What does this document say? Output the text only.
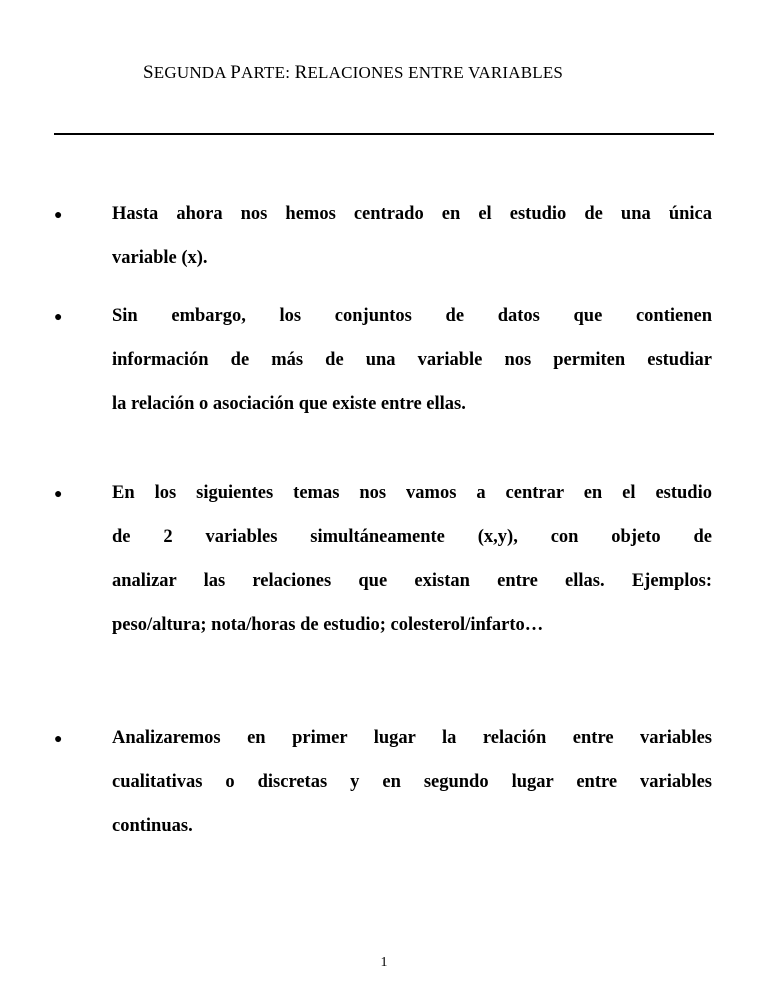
SEGUNDA PARTE: RELACIONES ENTRE VARIABLES
●	Hasta ahora nos hemos centrado en el estudio de una única
variable (x).
●	Sin embargo, los conjuntos de datos que contienen
información de más de una variable nos permiten estudiar
la relación o asociación que existe entre ellas.
●	En los siguientes temas nos vamos a centrar en el estudio
de 2 variables simultáneamente (x,y), con objeto de
analizar las relaciones que existan entre ellas. Ejemplos:
peso/altura; nota/horas de estudio; colesterol/infarto…
●	Analizaremos en primer lugar la relación entre variables
cualitativas o discretas y en segundo lugar entre variables
continuas.
1
